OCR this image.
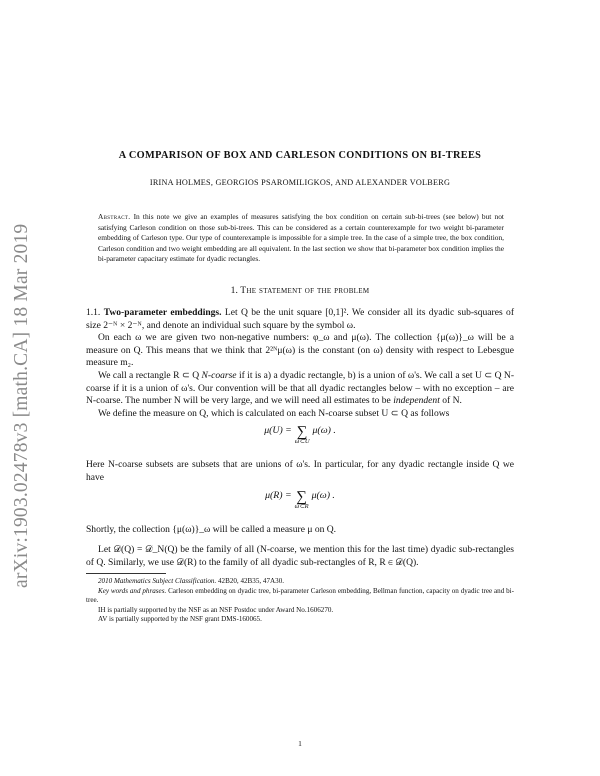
arXiv:1903.02478v3 [math.CA] 18 Mar 2019
A COMPARISON OF BOX AND CARLESON CONDITIONS ON BI-TREES
IRINA HOLMES, GEORGIOS PSAROMILIGKOS, AND ALEXANDER VOLBERG
Abstract. In this note we give an examples of measures satisfying the box condition on certain sub-bi-trees (see below) but not satisfying Carleson condition on those sub-bi-trees. This can be considered as a certain counterexample for two weight bi-parameter embedding of Carleson type. Our type of counterexample is impossible for a simple tree. In the case of a simple tree, the box condition, Carleson condition and two weight embedding are all equivalent. In the last section we show that bi-parameter box condition implies the bi-parameter capacitary estimate for dyadic rectangles.
1. The statement of the problem

1.1. Two-parameter embeddings. Let Q be the unit square [0,1]². We consider all its dyadic sub-squares of size 2⁻ᴺ × 2⁻ᴺ, and denote an individual such square by the symbol ω.

On each ω we are given two non-negative numbers: φ_ω and μ(ω). The collection {μ(ω)}_ω will be a measure on Q. This means that we think that 2²ᴺμ(ω) is the constant (on ω) density with respect to Lebesgue measure m₂.

We call a rectangle R ⊂ Q N-coarse if it is a) a dyadic rectangle, b) is a union of ω's. We call a set U ⊂ Q N-coarse if it is a union of ω's. Our convention will be that all dyadic rectangles below – with no exception – are N-coarse. The number N will be very large, and we will need all estimates to be independent of N.

We define the measure on Q, which is calculated on each N-coarse subset U ⊂ Q as follows

μ(U) = ∑
ω⊂U
μ(ω) .

Here N-coarse subsets are subsets that are unions of ω's. In particular, for any dyadic rectangle inside Q we have

μ(R) = ∑
ω⊂R
μ(ω) .

Shortly, the collection {μ(ω)}_ω will be called a measure μ on Q.

Let 𝒟(Q) = 𝒟_N(Q) be the family of all (N-coarse, we mention this for the last time) dyadic sub-rectangles of Q. Similarly, we use 𝒟(R) to the family of all dyadic sub-rectangles of R, R ∈ 𝒟(Q).

2010 Mathematics Subject Classification. 42B20, 42B35, 47A30.

Key words and phrases. Carleson embedding on dyadic tree, bi-parameter Carleson embedding, Bellman function, capacity on dyadic tree and bi-tree.

IH is partially supported by the NSF as an NSF Postdoc under Award No.1606270.

AV is partially supported by the NSF grant DMS-160065.

1
